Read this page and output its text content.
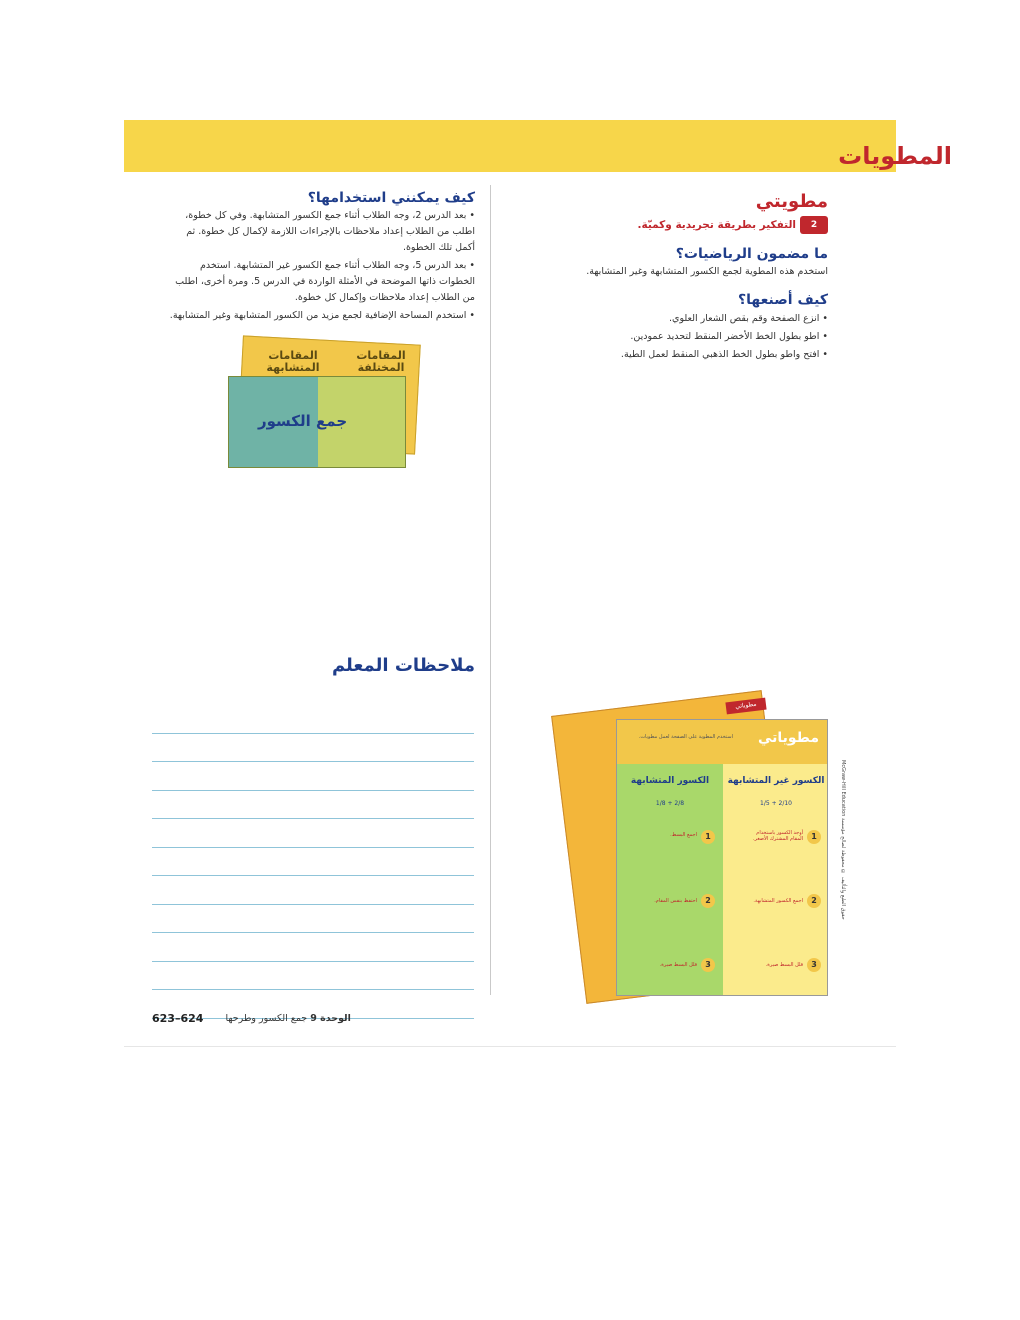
المطويات
مطويتي
2
التفكير بطريقة تجريدية وكميّة.
ما مضمون الرياضيات؟
استخدم هذه المطوية لجمع الكسور المتشابهة وغير المتشابهة.
كيف أصنعها؟
• انزع الصفحة وقم بقص الشعار العلوي.
• اطو بطول الخط الأخضر المنقط لتحديد عمودين.
• افتح واطو بطول الخط الذهبي المنقط لعمل الطية.
كيف يمكنني استخدامها؟
• بعد الدرس 2، وجه الطلاب أثناء جمع الكسور المتشابهة. وفي كل خطوة، اطلب من الطلاب إعداد ملاحظات بالإجراءات اللازمة لإكمال كل خطوة. ثم أكمل تلك الخطوة.
• بعد الدرس 5، وجه الطلاب أثناء جمع الكسور غير المتشابهة. استخدم الخطوات ذاتها الموضحة في الأمثلة الواردة في الدرس 5. ومرة أخرى، اطلب من الطلاب إعداد ملاحظات وإكمال كل خطوة.
• استخدم المساحة الإضافية لجمع مزيد من الكسور المتشابهة وغير المتشابهة.
المقامات المتشابهة
المقامات المختلفة
جمع الكسور
ملاحظات المعلم
مطوياتي
مطوياتي
استخدم المطوية على الصفحة لعمل مطويات.
الكسور غير المتشابهة
2/10 + 1/5
1
أوجد الكسور باستخدام المقام المشترك الأصغر.
2
اجمع الكسور المتشابهة.
3
قلل البسط صيرة.
الكسور المتشابهة
2/8 + 1/8
1
اجمع البسط.
2
احتفظ بنفس المقام.
3
قلل البسط صيرة.
حقوق الطبع والتأليف © محفوظة لصالح مؤسسة McGraw-Hill Education
623–624	الوحدة 9 جمع الكسور وطرحها
